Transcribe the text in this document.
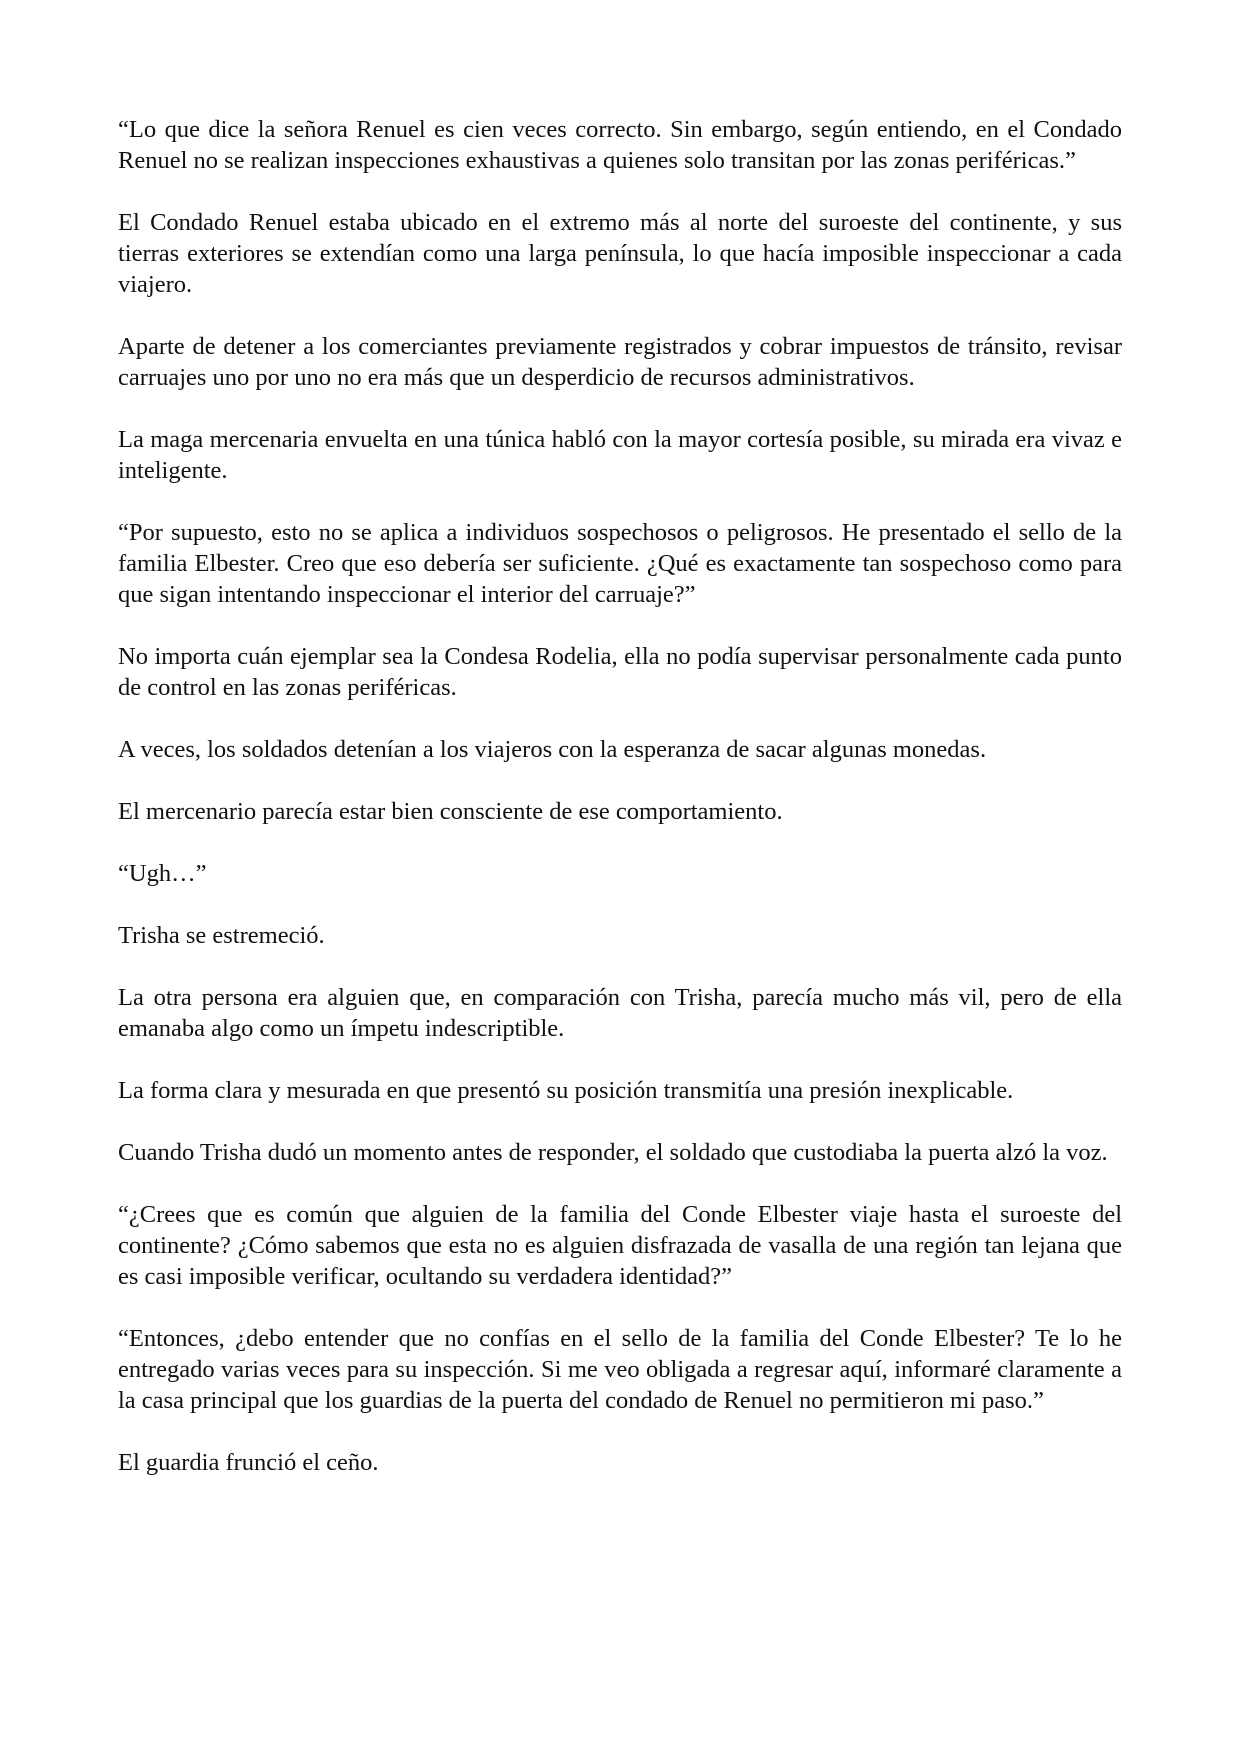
“Lo que dice la señora Renuel es cien veces correcto. Sin embargo, según entiendo, en el Condado Renuel no se realizan inspecciones exhaustivas a quienes solo transitan por las zonas periféricas.”

El Condado Renuel estaba ubicado en el extremo más al norte del suroeste del continente, y sus tierras exteriores se extendían como una larga península, lo que hacía imposible inspeccionar a cada viajero.

Aparte de detener a los comerciantes previamente registrados y cobrar impuestos de tránsito, revisar carruajes uno por uno no era más que un desperdicio de recursos administrativos.

La maga mercenaria envuelta en una túnica habló con la mayor cortesía posible, su mirada era vivaz e inteligente.

“Por supuesto, esto no se aplica a individuos sospechosos o peligrosos. He presentado el sello de la familia Elbester. Creo que eso debería ser suficiente. ¿Qué es exactamente tan sospechoso como para que sigan intentando inspeccionar el interior del carruaje?”

No importa cuán ejemplar sea la Condesa Rodelia, ella no podía supervisar personalmente cada punto de control en las zonas periféricas.

A veces, los soldados detenían a los viajeros con la esperanza de sacar algunas monedas.

El mercenario parecía estar bien consciente de ese comportamiento.

“Ugh…”

Trisha se estremeció.

La otra persona era alguien que, en comparación con Trisha, parecía mucho más vil, pero de ella emanaba algo como un ímpetu indescriptible.

La forma clara y mesurada en que presentó su posición transmitía una presión inexplicable.

Cuando Trisha dudó un momento antes de responder, el soldado que custodiaba la puerta alzó la voz.

“¿Crees que es común que alguien de la familia del Conde Elbester viaje hasta el suroeste del continente? ¿Cómo sabemos que esta no es alguien disfrazada de vasalla de una región tan lejana que es casi imposible verificar, ocultando su verdadera identidad?”

“Entonces, ¿debo entender que no confías en el sello de la familia del Conde Elbester? Te lo he entregado varias veces para su inspección. Si me veo obligada a regresar aquí, informaré claramente a la casa principal que los guardias de la puerta del condado de Renuel no permitieron mi paso.”

El guardia frunció el ceño.
